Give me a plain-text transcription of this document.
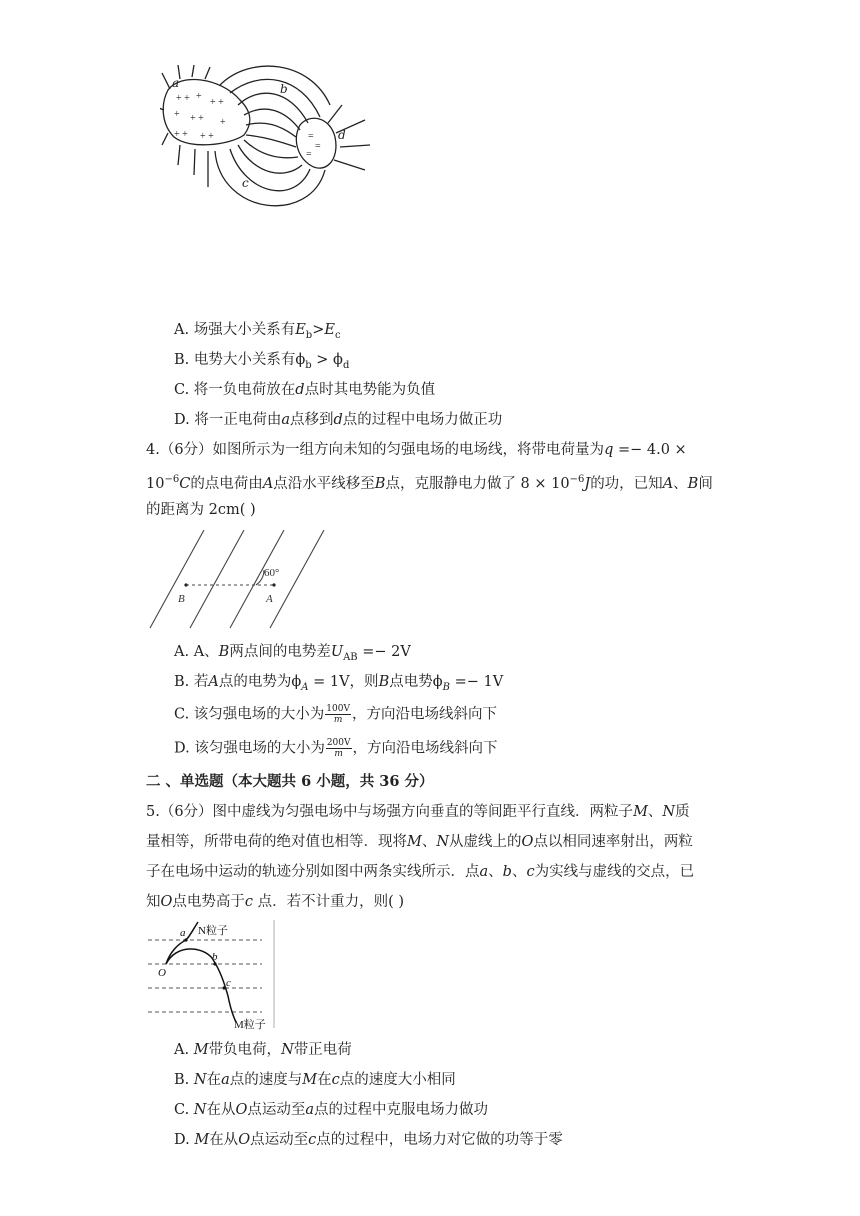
+ + +
+ +
+ + + +
+ + + +	=
=
=
a	b
c
d
A. 场强大小关系有$E_b>E_c$
B. 电势大小关系有$\phi_b > \phi_d$
C. 将一负电荷放在d点时其电势能为负值
D. 将一正电荷由a点移到d点的过程中电场力做正功
4.（6分）如图所示为一组方向未知的匀强电场的电场线，将带电荷量为q =− 4.0 ×
$10^{-6}C$的点电荷由A点沿水平线移至B点，克服静电力做了 $8 \times 10^{-6}J$的功，已知A、B间
的距离为 2cm( )
60°
B	A
A. A、B两点间的电势差$U_{AB} =- 2V$
B. 若A点的电势为$\phi_A = 1V$，则B点电势$\phi_B =- 1V$
C. 该匀强电场的大小为 $\frac{100V}{m}$ ，方向沿电场线斜向下
D. 该匀强电场的大小为 $\frac{200V}{m}$ ，方向沿电场线斜向下
二 、单选题（本大题共 6 小题，共 36 分）
5.（6分）图中虚线为匀强电场中与场强方向垂直的等间距平行直线．两粒子M、N质
量相等，所带电荷的绝对值也相等．现将M、N从虚线上的O点以相同速率射出，两粒
子在电场中运动的轨迹分别如图中两条实线所示．点a、b、c为实线与虚线的交点，已
知O点电势高于c 点．若不计重力，则( )
N粒子
M粒子
O
a
b
c
A. M带负电荷，N带正电荷
B. N在a点的速度与M在c点的速度大小相同
C. N在从O点运动至a点的过程中克服电场力做功
D. M在从O点运动至c点的过程中，电场力对它做的功等于零
